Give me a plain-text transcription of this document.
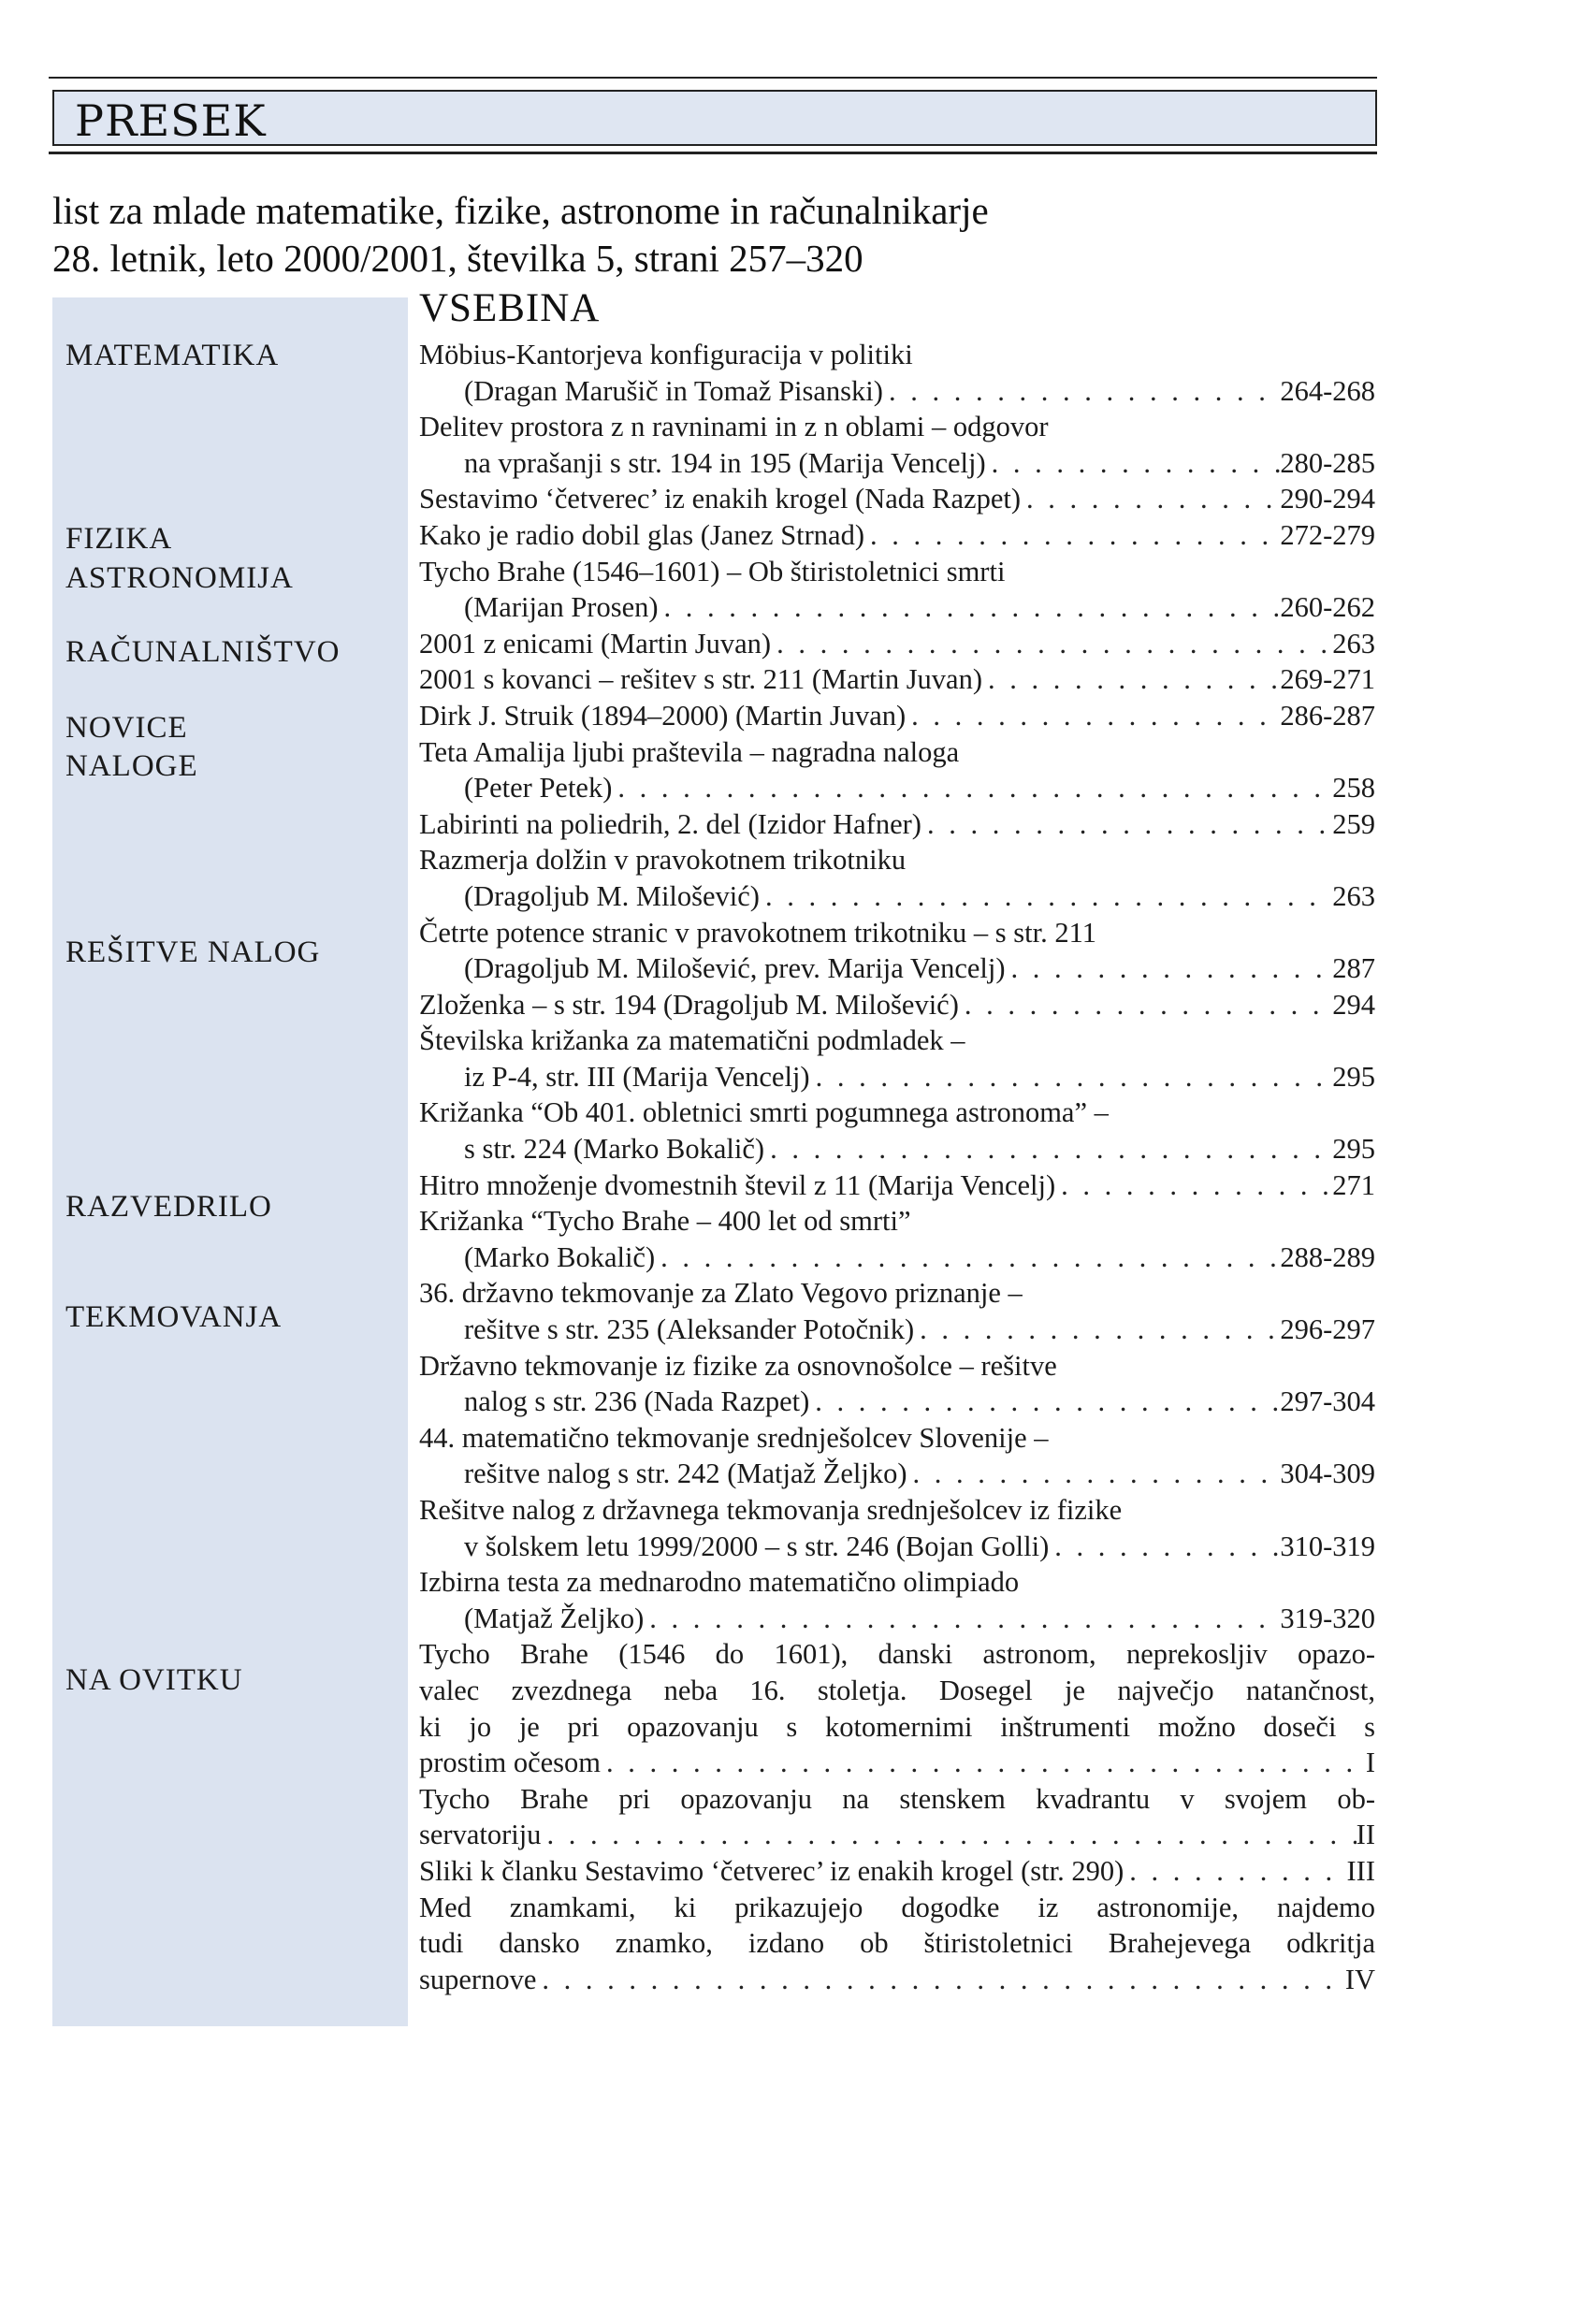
PRESEK
list za mlade matematike, fizike, astronome in računalnikarje
28. letnik, leto 2000/2001, številka 5, strani 257–320
MATEMATIKA
FIZIKA
ASTRONOMIJA
RAČUNALNIŠTVO
NOVICE
NALOGE
REŠITVE NALOG
RAZVEDRILO
TEKMOVANJA
NA OVITKU
VSEBINA
Möbius-Kantorjeva konfiguracija v politiki
(Dragan Marušič in Tomaž Pisanski) . . .	264-268
Delitev prostora z n ravninami in z n oblami – odgovor
na vprašanji s str. 194 in 195 (Marija Vencelj) . . .	280-285
Sestavimo ‘četverec’ iz enakih krogel (Nada Razpet) . . .	290-294
Kako je radio dobil glas (Janez Strnad) . . .	272-279
Tycho Brahe (1546–1601) – Ob štiristoletnici smrti
(Marijan Prosen) . . .	260-262
2001 z enicami (Martin Juvan) . . .	263
2001 s kovanci – rešitev s str. 211 (Martin Juvan) . . .	269-271
Dirk J. Struik (1894–2000) (Martin Juvan) . . .	286-287
Teta Amalija ljubi praštevila – nagradna naloga
(Peter Petek) . . .	258
Labirinti na poliedrih, 2. del (Izidor Hafner) . . .	259
Razmerja dolžin v pravokotnem trikotniku
(Dragoljub M. Milošević) . . .	263
Četrte potence stranic v pravokotnem trikotniku – s str. 211
(Dragoljub M. Milošević, prev. Marija Vencelj) . . .	287
Zloženka – s str. 194 (Dragoljub M. Milošević) . . .	294
Številska križanka za matematični podmladek –
iz P-4, str. III (Marija Vencelj) . . .	295
Križanka “Ob 401. obletnici smrti pogumnega astronoma” –
s str. 224 (Marko Bokalič) . . .	295
Hitro množenje dvomestnih števil z 11 (Marija Vencelj) . . .	271
Križanka “Tycho Brahe – 400 let od smrti”
(Marko Bokalič) . . .	288-289
36. državno tekmovanje za Zlato Vegovo priznanje –
rešitve s str. 235 (Aleksander Potočnik) . . .	296-297
Državno tekmovanje iz fizike za osnovnošolce – rešitve
nalog s str. 236 (Nada Razpet) . . .	297-304
44. matematično tekmovanje srednješolcev Slovenije –
rešitve nalog s str. 242 (Matjaž Željko) . . .	304-309
Rešitve nalog z državnega tekmovanja srednješolcev iz fizike
v šolskem letu 1999/2000 – s str. 246 (Bojan Golli) . . .	310-319
Izbirna testa za mednarodno matematično olimpiado
(Matjaž Željko) . . .	319-320
Tycho Brahe (1546 do 1601), danski astronom, neprekosljiv opazo-
valec zvezdnega neba 16. stoletja. Dosegel je največjo natančnost,
ki jo je pri opazovanju s kotomernimi inštrumenti možno doseči s
prostim očesom . . .	I
Tycho Brahe pri opazovanju na stenskem kvadrantu v svojem ob-
servatoriju . . .	II
Sliki k članku Sestavimo ‘četverec’ iz enakih krogel (str. 290) . . .	III
Med znamkami, ki prikazujejo dogodke iz astronomije, najdemo
tudi dansko znamko, izdano ob štiristoletnici Brahejevega odkritja
supernove . . .	IV
